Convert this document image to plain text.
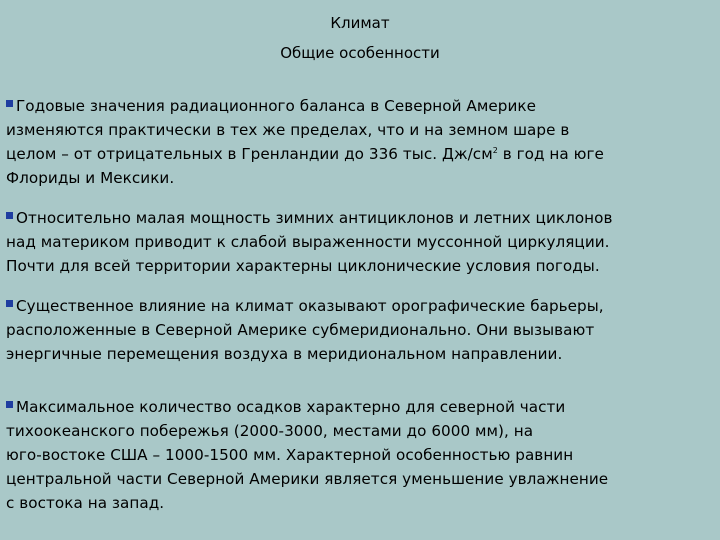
Климат
Общие особенности
Годовые значения радиационного баланса в Северной Америке
изменяются практически в тех же пределах, что и на земном шаре в
целом – от отрицательных в Гренландии до 336 тыс. $Дж/см^2$ в год на юге
Флориды и Мексики.
Относительно малая мощность зимних антициклонов и летних циклонов
над материком приводит к слабой выраженности муссонной циркуляции.
Почти для всей территории характерны циклонические условия погоды.
Существенное влияние на климат оказывают орографические барьеры,
расположенные в Северной Америке субмеридионально. Они вызывают
энергичные перемещения воздуха в меридиональном направлении.
Максимальное количество осадков характерно для северной части
тихоокеанского побережья (2000-3000, местами до 6000 мм), на
юго-востоке США – 1000-1500 мм. Характерной особенностью равнин
центральной части Северной Америки является уменьшение увлажнение
с востока на запад.
